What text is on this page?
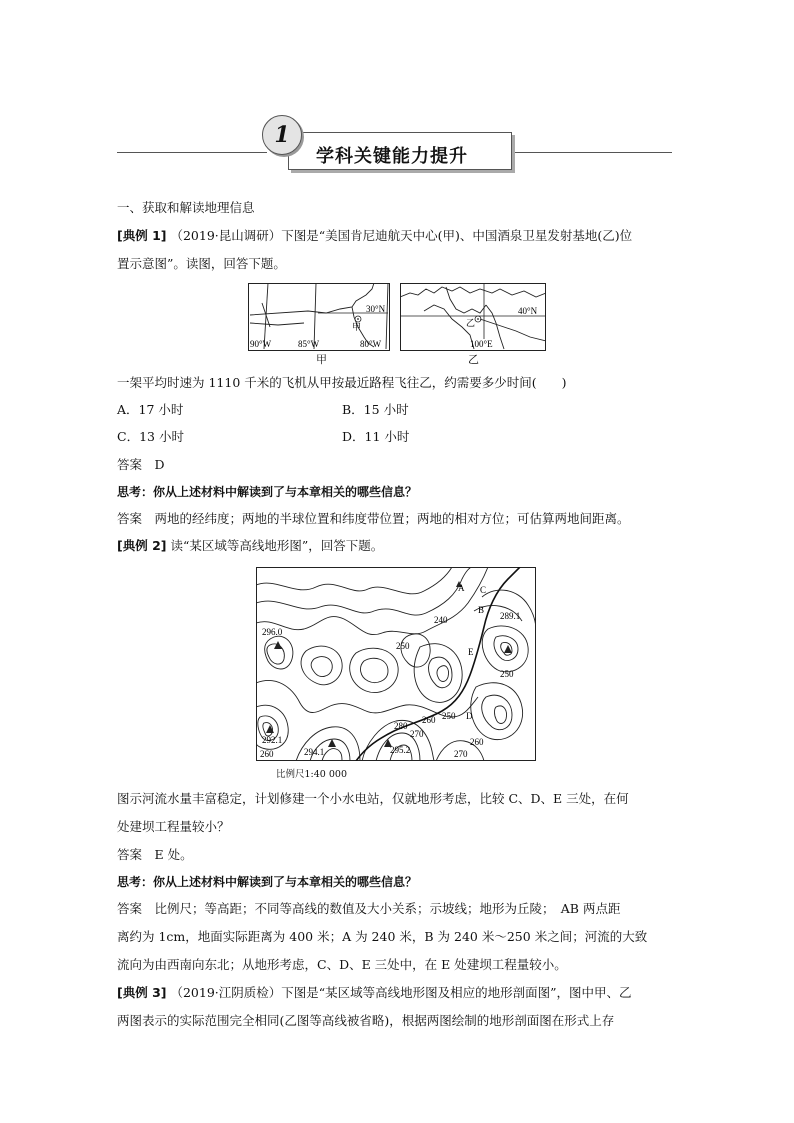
1
学科关键能力提升
一、获取和解读地理信息
[典例 1] （2019·昆山调研）下图是“美国肯尼迪航天中心(甲)、中国酒泉卫星发射基地(乙)位
置示意图”。读图，回答下题。
30°N
90°W	85°W	80°W
甲
甲
40°N
100°E
乙
乙
一架平均时速为 1110 千米的飞机从甲按最近路程飞往乙，约需要多少时间(　　)
A．17 小时	B．15 小时
C．13 小时	D．11 小时
答案　D
思考：你从上述材料中解读到了与本章相关的哪些信息？
答案　两地的经纬度；两地的半球位置和纬度带位置；两地的相对方位；可估算两地间距离。
[典例 2] 读“某区域等高线地形图”，回答下题。
A
B
C
D
E
240
250
250
250
260
260
260
270
270
280
296.0
289.1
292.1
294.1	295.2
比例尺1:40 000
图示河流水量丰富稳定，计划修建一个小水电站，仅就地形考虑，比较 C、D、E 三处，在何
处建坝工程量较小？
答案　E 处。
思考：你从上述材料中解读到了与本章相关的哪些信息？
答案　比例尺；等高距；不同等高线的数值及大小关系；示坡线；地形为丘陵；　AB 两点距
离约为 1cm，地面实际距离为 400 米；A 为 240 米，B 为 240 米～250 米之间；河流的大致
流向为由西南向东北；从地形考虑，C、D、E 三处中，在 E 处建坝工程量较小。
[典例 3] （2019·江阴质检）下图是“某区域等高线地形图及相应的地形剖面图”，图中甲、乙
两图表示的实际范围完全相同(乙图等高线被省略)，根据两图绘制的地形剖面图在形式上存
